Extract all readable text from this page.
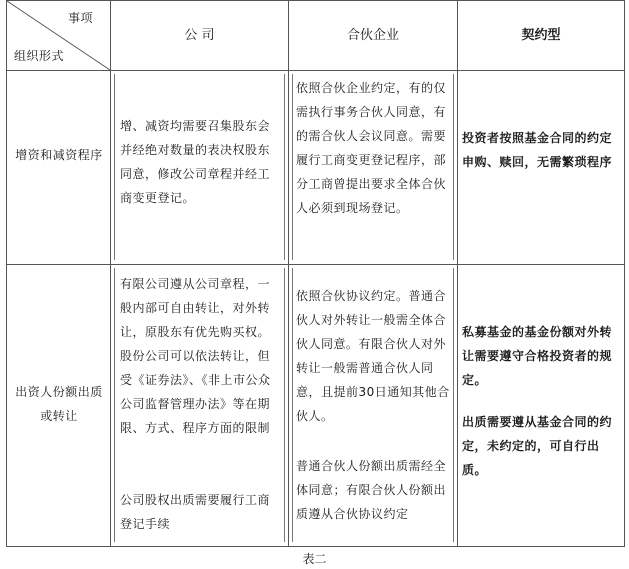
事项
组织形式
公 司	合伙企业	契约型
增资和减资程序
增、减资均需要召集股东会并经绝对数量的表决权股东同意，修改公司章程并经工商变更登记。
依照合伙企业约定，有的仅需执行事务合伙人同意，有的需合伙人会议同意。需要履行工商变更登记程序，部分工商曾提出要求全体合伙人必须到现场登记。
投资者按照基金合同的约定申购、赎回，无需繁琐程序
出资人份额出质或转让
有限公司遵从公司章程，一般内部可自由转让，对外转让，原股东有优先购买权。股份公司可以依法转让，但受《证券法》、《非上市公众公司监督管理办法》等在期限、方式、程序方面的限制
公司股权出质需要履行工商登记手续
依照合伙协议约定。普通合伙人对外转让一般需全体合伙人同意。有限合伙人对外转让一般需普通合伙人同意，且提前30日通知其他合伙人。
普通合伙人份额出质需经全体同意；有限合伙人份额出质遵从合伙协议约定
私募基金的基金份额对外转让需要遵守合格投资者的规定。
出质需要遵从基金合同的约定，未约定的，可自行出质。
表二
